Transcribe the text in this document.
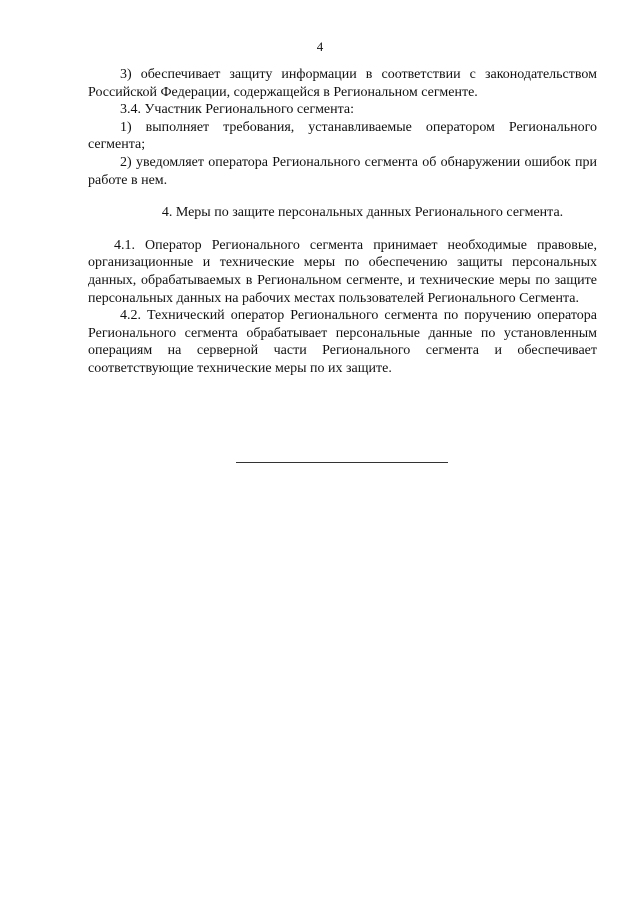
4

3) обеспечивает защиту информации в соответствии с законодательством Российской Федерации, содержащейся в Региональном сегменте.

3.4. Участник Регионального сегмента:

1) выполняет требования, устанавливаемые оператором Регионального сегмента;

2) уведомляет оператора Регионального сегмента об обнаружении ошибок при работе в нем.

4. Меры по защите персональных данных Регионального сегмента.

4.1. Оператор Регионального сегмента принимает необходимые правовые, организационные и технические меры по обеспечению защиты персональных данных, обрабатываемых в Региональном сегменте, и технические меры по защите персональных данных на рабочих местах пользователей Регионального Сегмента.

4.2. Технический оператор Регионального сегмента по поручению оператора Регионального сегмента обрабатывает персональные данные по установленным операциям на серверной части Регионального сегмента и обеспечивает соответствующие технические меры по их защите.
